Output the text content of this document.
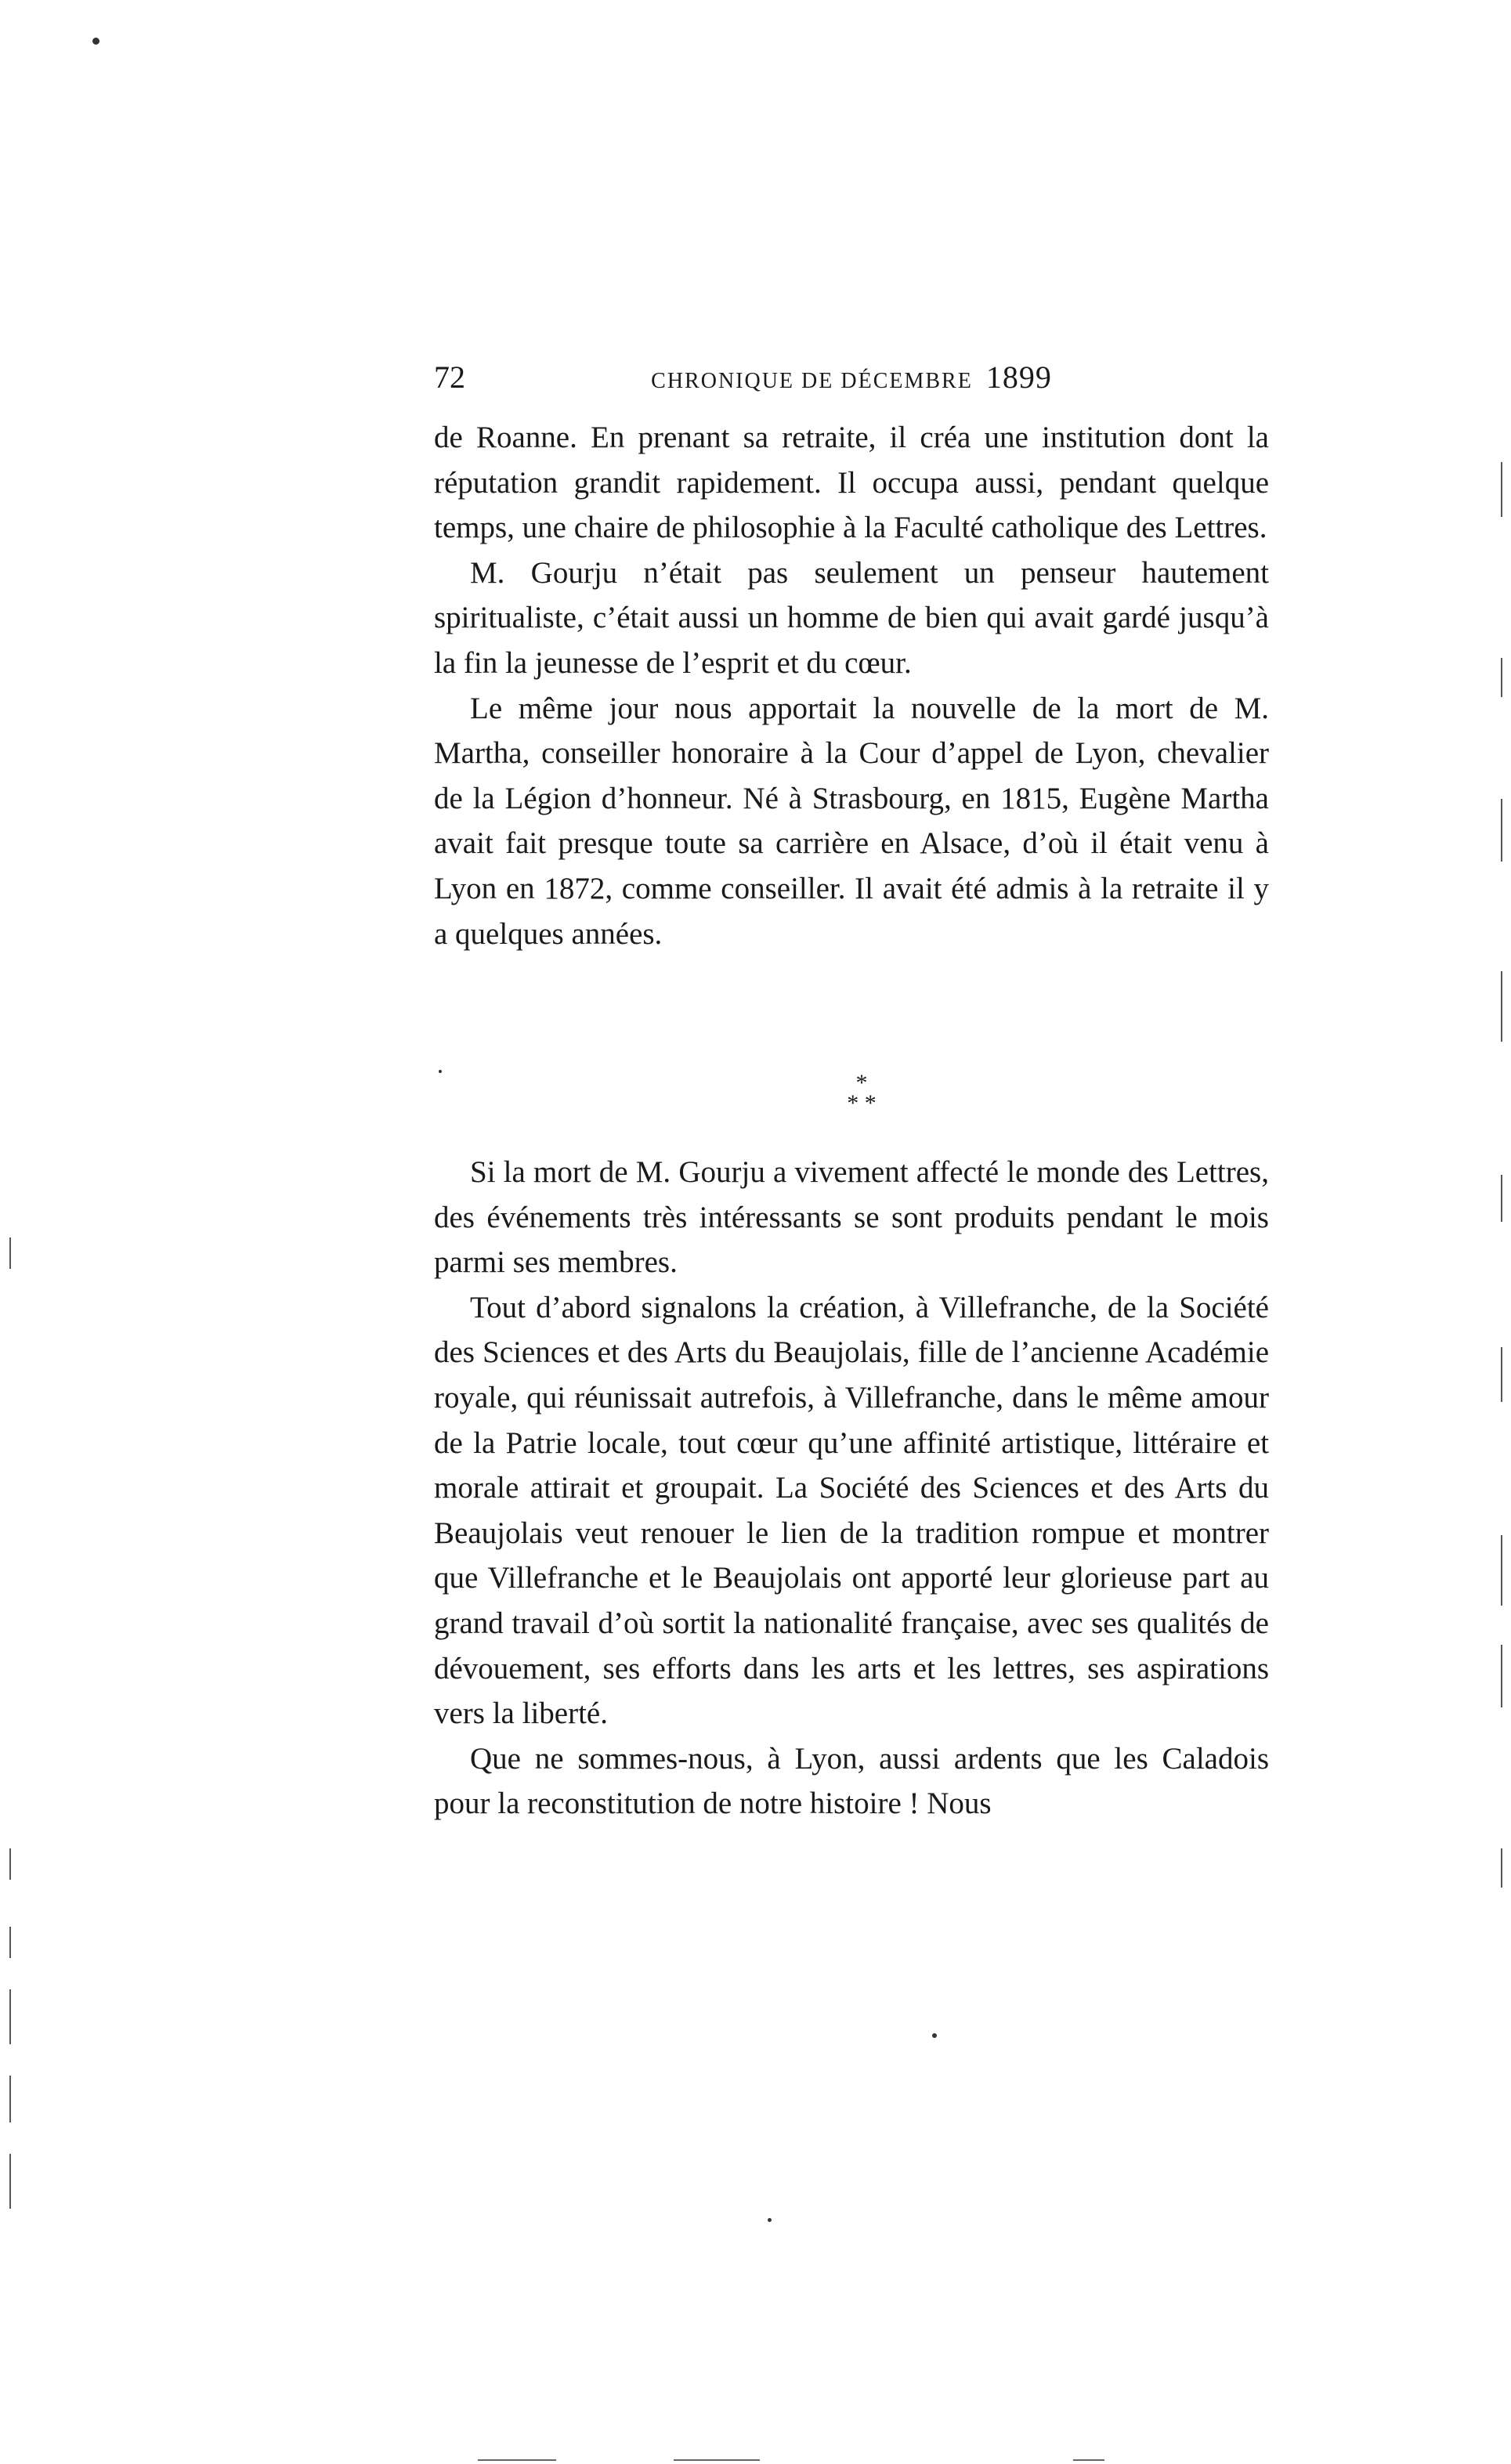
72	CHRONIQUE DE DÉCEMBRE 1899

de Roanne. En prenant sa retraite, il créa une institution dont la réputation grandit rapidement. Il occupa aussi, pendant quelque temps, une chaire de philosophie à la Faculté catholique des Lettres.

M. Gourju n’était pas seulement un penseur hautement spiritualiste, c’était aussi un homme de bien qui avait gardé jusqu’à la fin la jeunesse de l’esprit et du cœur.

Le même jour nous apportait la nouvelle de la mort de M. Martha, conseiller honoraire à la Cour d’appel de Lyon, chevalier de la Légion d’honneur. Né à Strasbourg, en 1815, Eugène Martha avait fait presque toute sa carrière en Alsace, d’où il était venu à Lyon en 1872, comme conseiller. Il avait été admis à la retraite il y a quelques années.

*
* *

Si la mort de M. Gourju a vivement affecté le monde des Lettres, des événements très intéressants se sont produits pendant le mois parmi ses membres.

Tout d’abord signalons la création, à Villefranche, de la Société des Sciences et des Arts du Beaujolais, fille de l’ancienne Académie royale, qui réunissait autrefois, à Villefranche, dans le même amour de la Patrie locale, tout cœur qu’une affinité artistique, littéraire et morale attirait et groupait. La Société des Sciences et des Arts du Beaujolais veut renouer le lien de la tradition rompue et montrer que Villefranche et le Beaujolais ont apporté leur glorieuse part au grand travail d’où sortit la nationalité française, avec ses qualités de dévouement, ses efforts dans les arts et les lettres, ses aspirations vers la liberté.

Que ne sommes-nous, à Lyon, aussi ardents que les Caladois pour la reconstitution de notre histoire ! Nous
